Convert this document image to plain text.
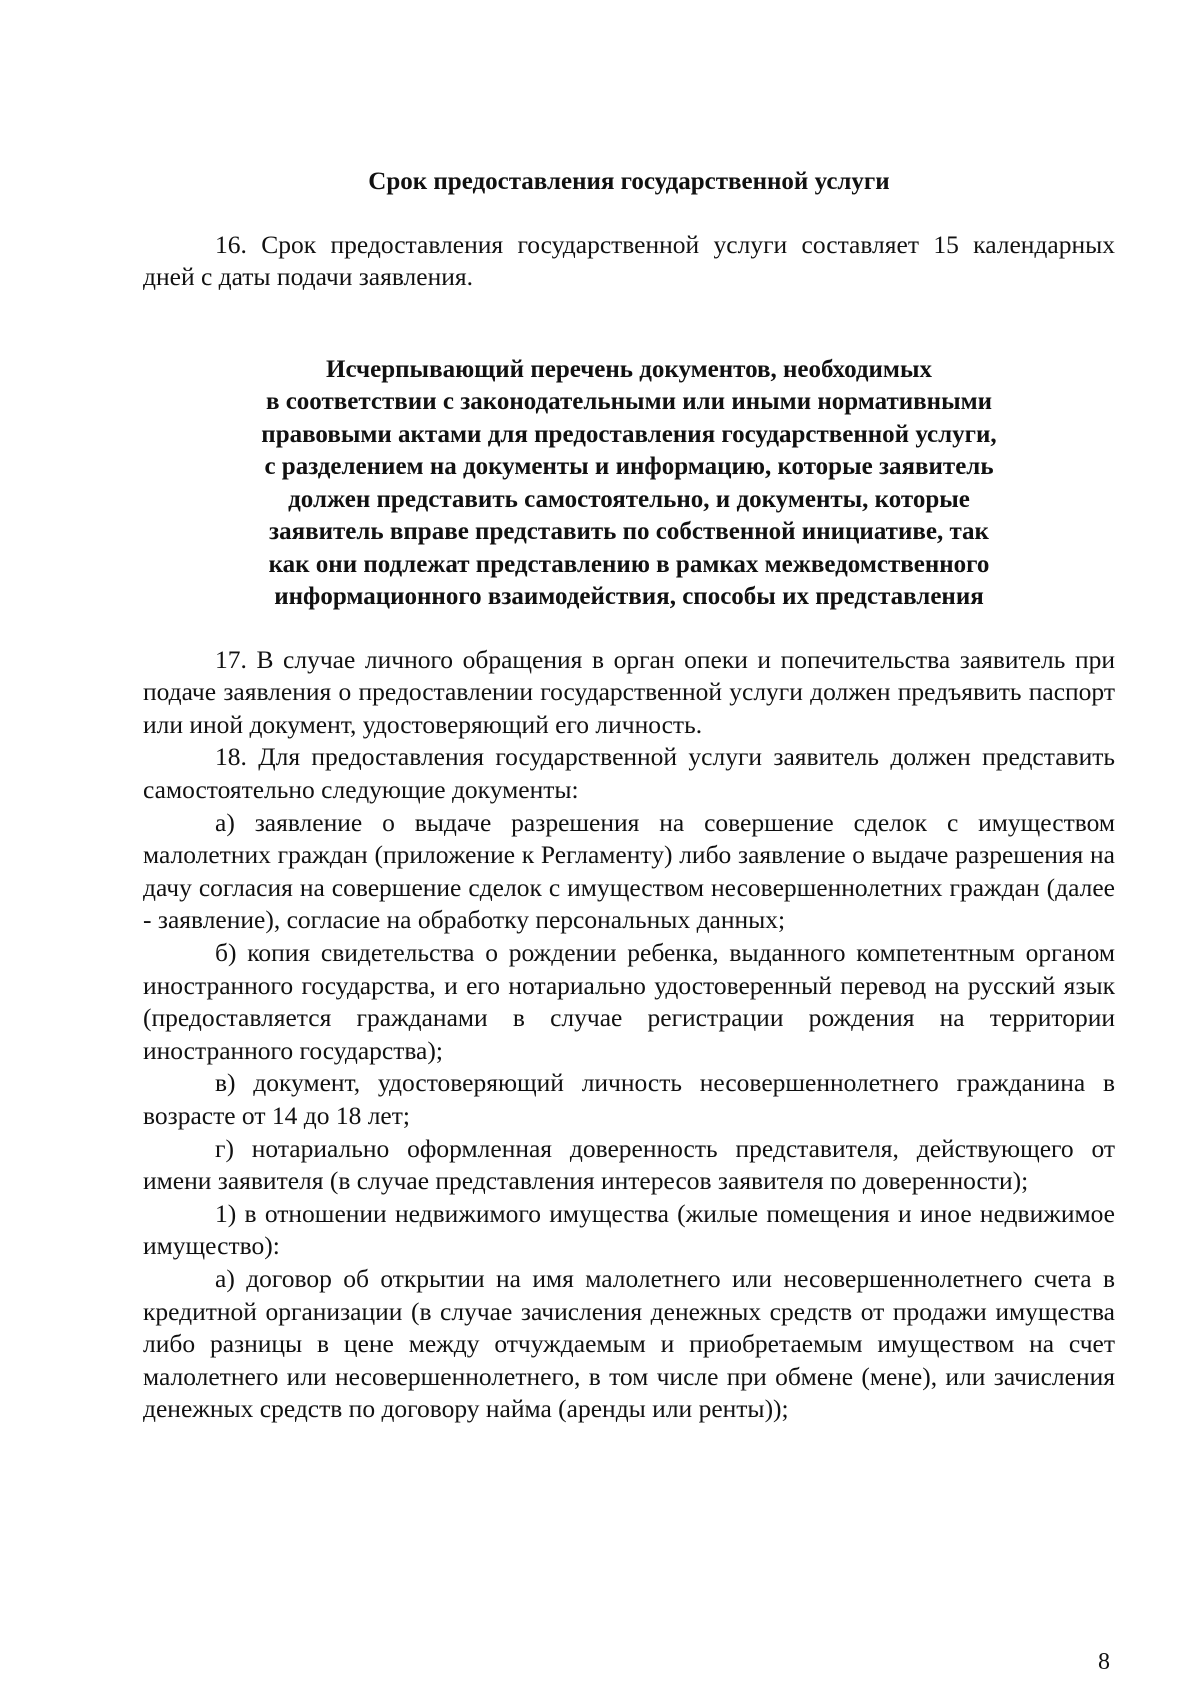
Срок предоставления государственной услуги

16. Срок предоставления государственной услуги составляет 15 календарных дней с даты подачи заявления.

Исчерпывающий перечень документов, необходимых
в соответствии с законодательными или иными нормативными
правовыми актами для предоставления государственной услуги,
с разделением на документы и информацию, которые заявитель
должен представить самостоятельно, и документы, которые
заявитель вправе представить по собственной инициативе, так
как они подлежат представлению в рамках межведомственного
информационного взаимодействия, способы их представления

17. В случае личного обращения в орган опеки и попечительства заявитель при подаче заявления о предоставлении государственной услуги должен предъявить паспорт или иной документ, удостоверяющий его личность.

18. Для предоставления государственной услуги заявитель должен представить самостоятельно следующие документы:

а) заявление о выдаче разрешения на совершение сделок с имуществом малолетних граждан (приложение к Регламенту) либо заявление о выдаче разрешения на дачу согласия на совершение сделок с имуществом несовершеннолетних граждан (далее - заявление), согласие на обработку персональных данных;

б) копия свидетельства о рождении ребенка, выданного компетентным органом иностранного государства, и его нотариально удостоверенный перевод на русский язык (предоставляется гражданами в случае регистрации рождения на территории иностранного государства);

в) документ, удостоверяющий личность несовершеннолетнего гражданина в возрасте от 14 до 18 лет;

г) нотариально оформленная доверенность представителя, действующего от имени заявителя (в случае представления интересов заявителя по доверенности);

1) в отношении недвижимого имущества (жилые помещения и иное недвижимое имущество):

а) договор об открытии на имя малолетнего или несовершеннолетнего счета в кредитной организации (в случае зачисления денежных средств от продажи имущества либо разницы в цене между отчуждаемым и приобретаемым имуществом на счет малолетнего или несовершеннолетнего, в том числе при обмене (мене), или зачисления денежных средств по договору найма (аренды или ренты));

8
